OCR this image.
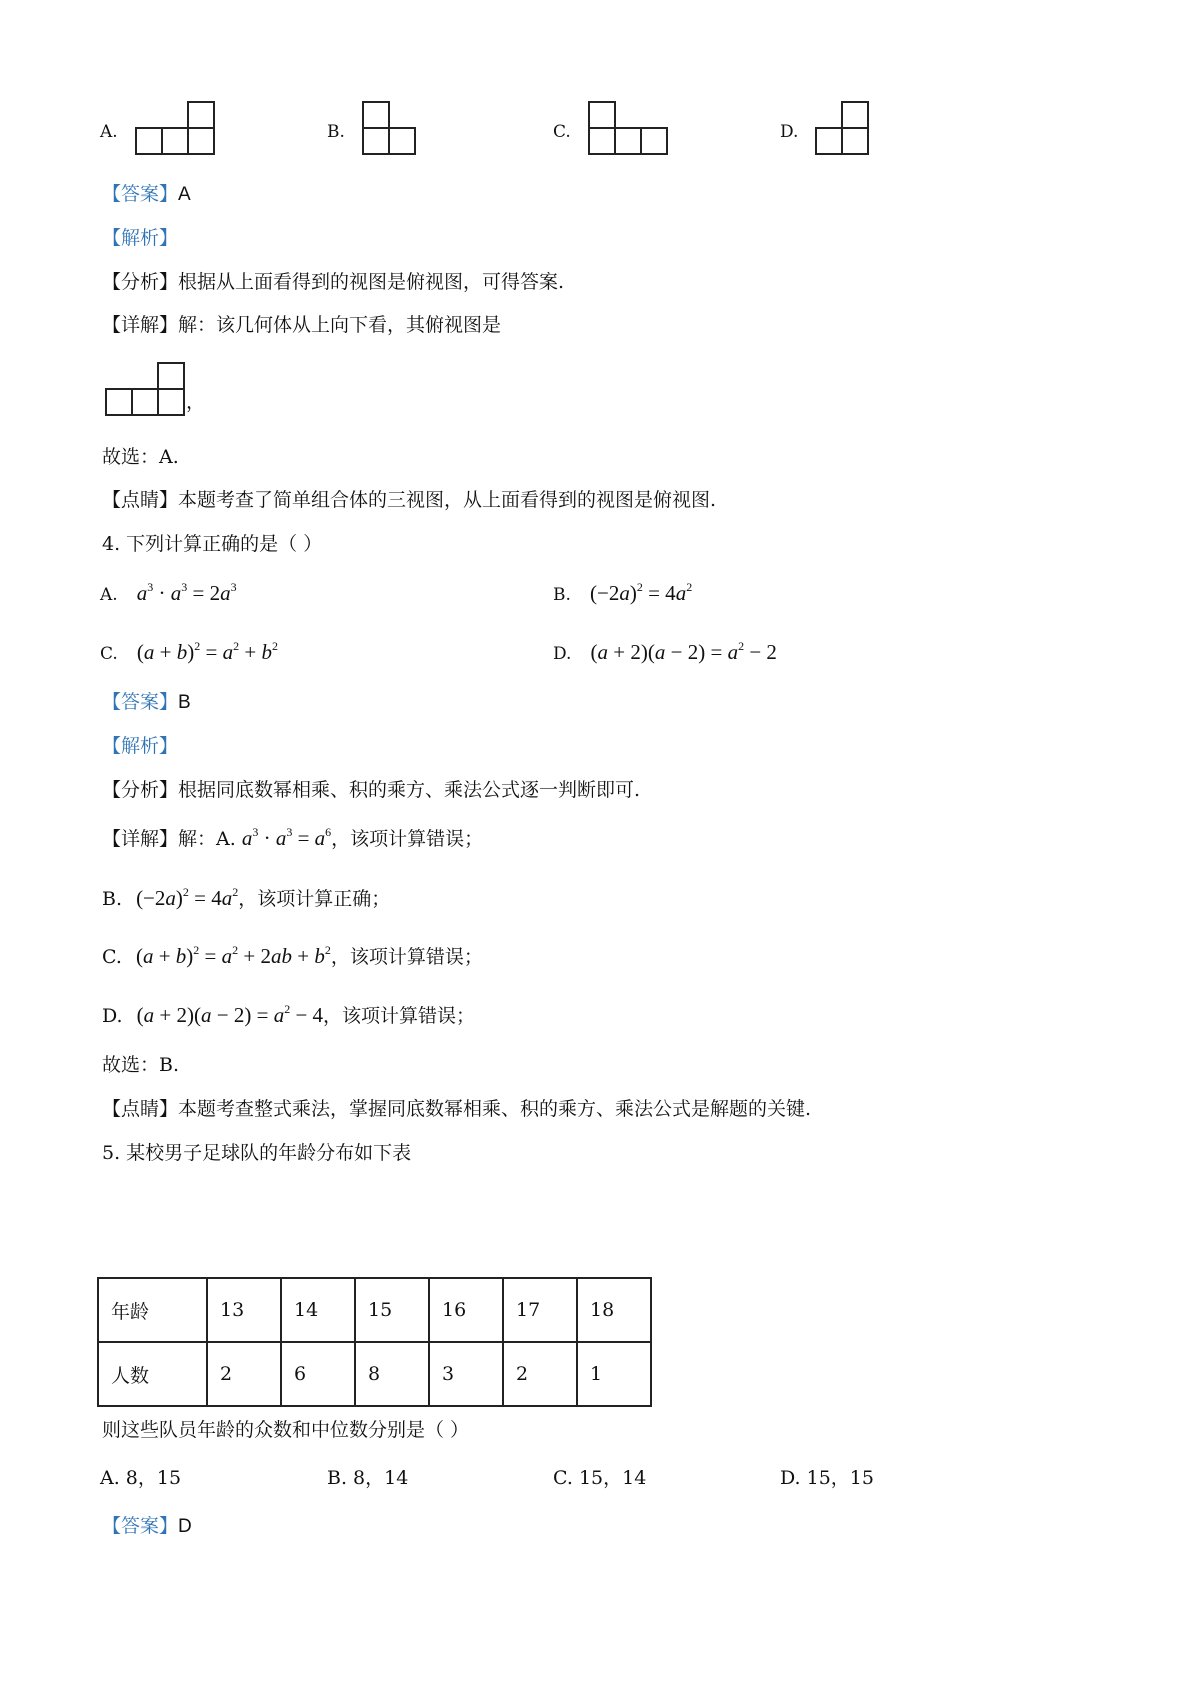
A.	B.	C.	D.
【答案】A
【解析】
【分析】根据从上面看得到的视图是俯视图，可得答案.
【详解】解：该几何体从上向下看，其俯视图是
，
故选：A.
【点睛】本题考查了简单组合体的三视图，从上面看得到的视图是俯视图.
4. 下列计算正确的是（ ）
A. $a^3 \cdot a^3 = 2a^3$	B. $(-2a)^2 = 4a^2$
C. $(a + b)^2 = a^2 + b^2$	D. $(a + 2)(a - 2) = a^2 - 2$
【答案】B
【解析】
【分析】根据同底数幂相乘、积的乘方、乘法公式逐一判断即可.
【详解】解：A. $a^3 \cdot a^3 = a^6$，该项计算错误；
B. $(-2a)^2 = 4a^2$，该项计算正确；
C. $(a + b)^2 = a^2 + 2ab + b^2$，该项计算错误；
D. $(a + 2)(a - 2) = a^2 - 4$，该项计算错误；
故选：B.
【点睛】本题考查整式乘法，掌握同底数幂相乘、积的乘方、乘法公式是解题的关键.
5. 某校男子足球队的年龄分布如下表
年龄	13	14	15	16	17	18
人数	2	6	8	3	2	1
则这些队员年龄的众数和中位数分别是（ ）
A. 8，15	B. 8，14	C. 15，14	D. 15，15
【答案】D
